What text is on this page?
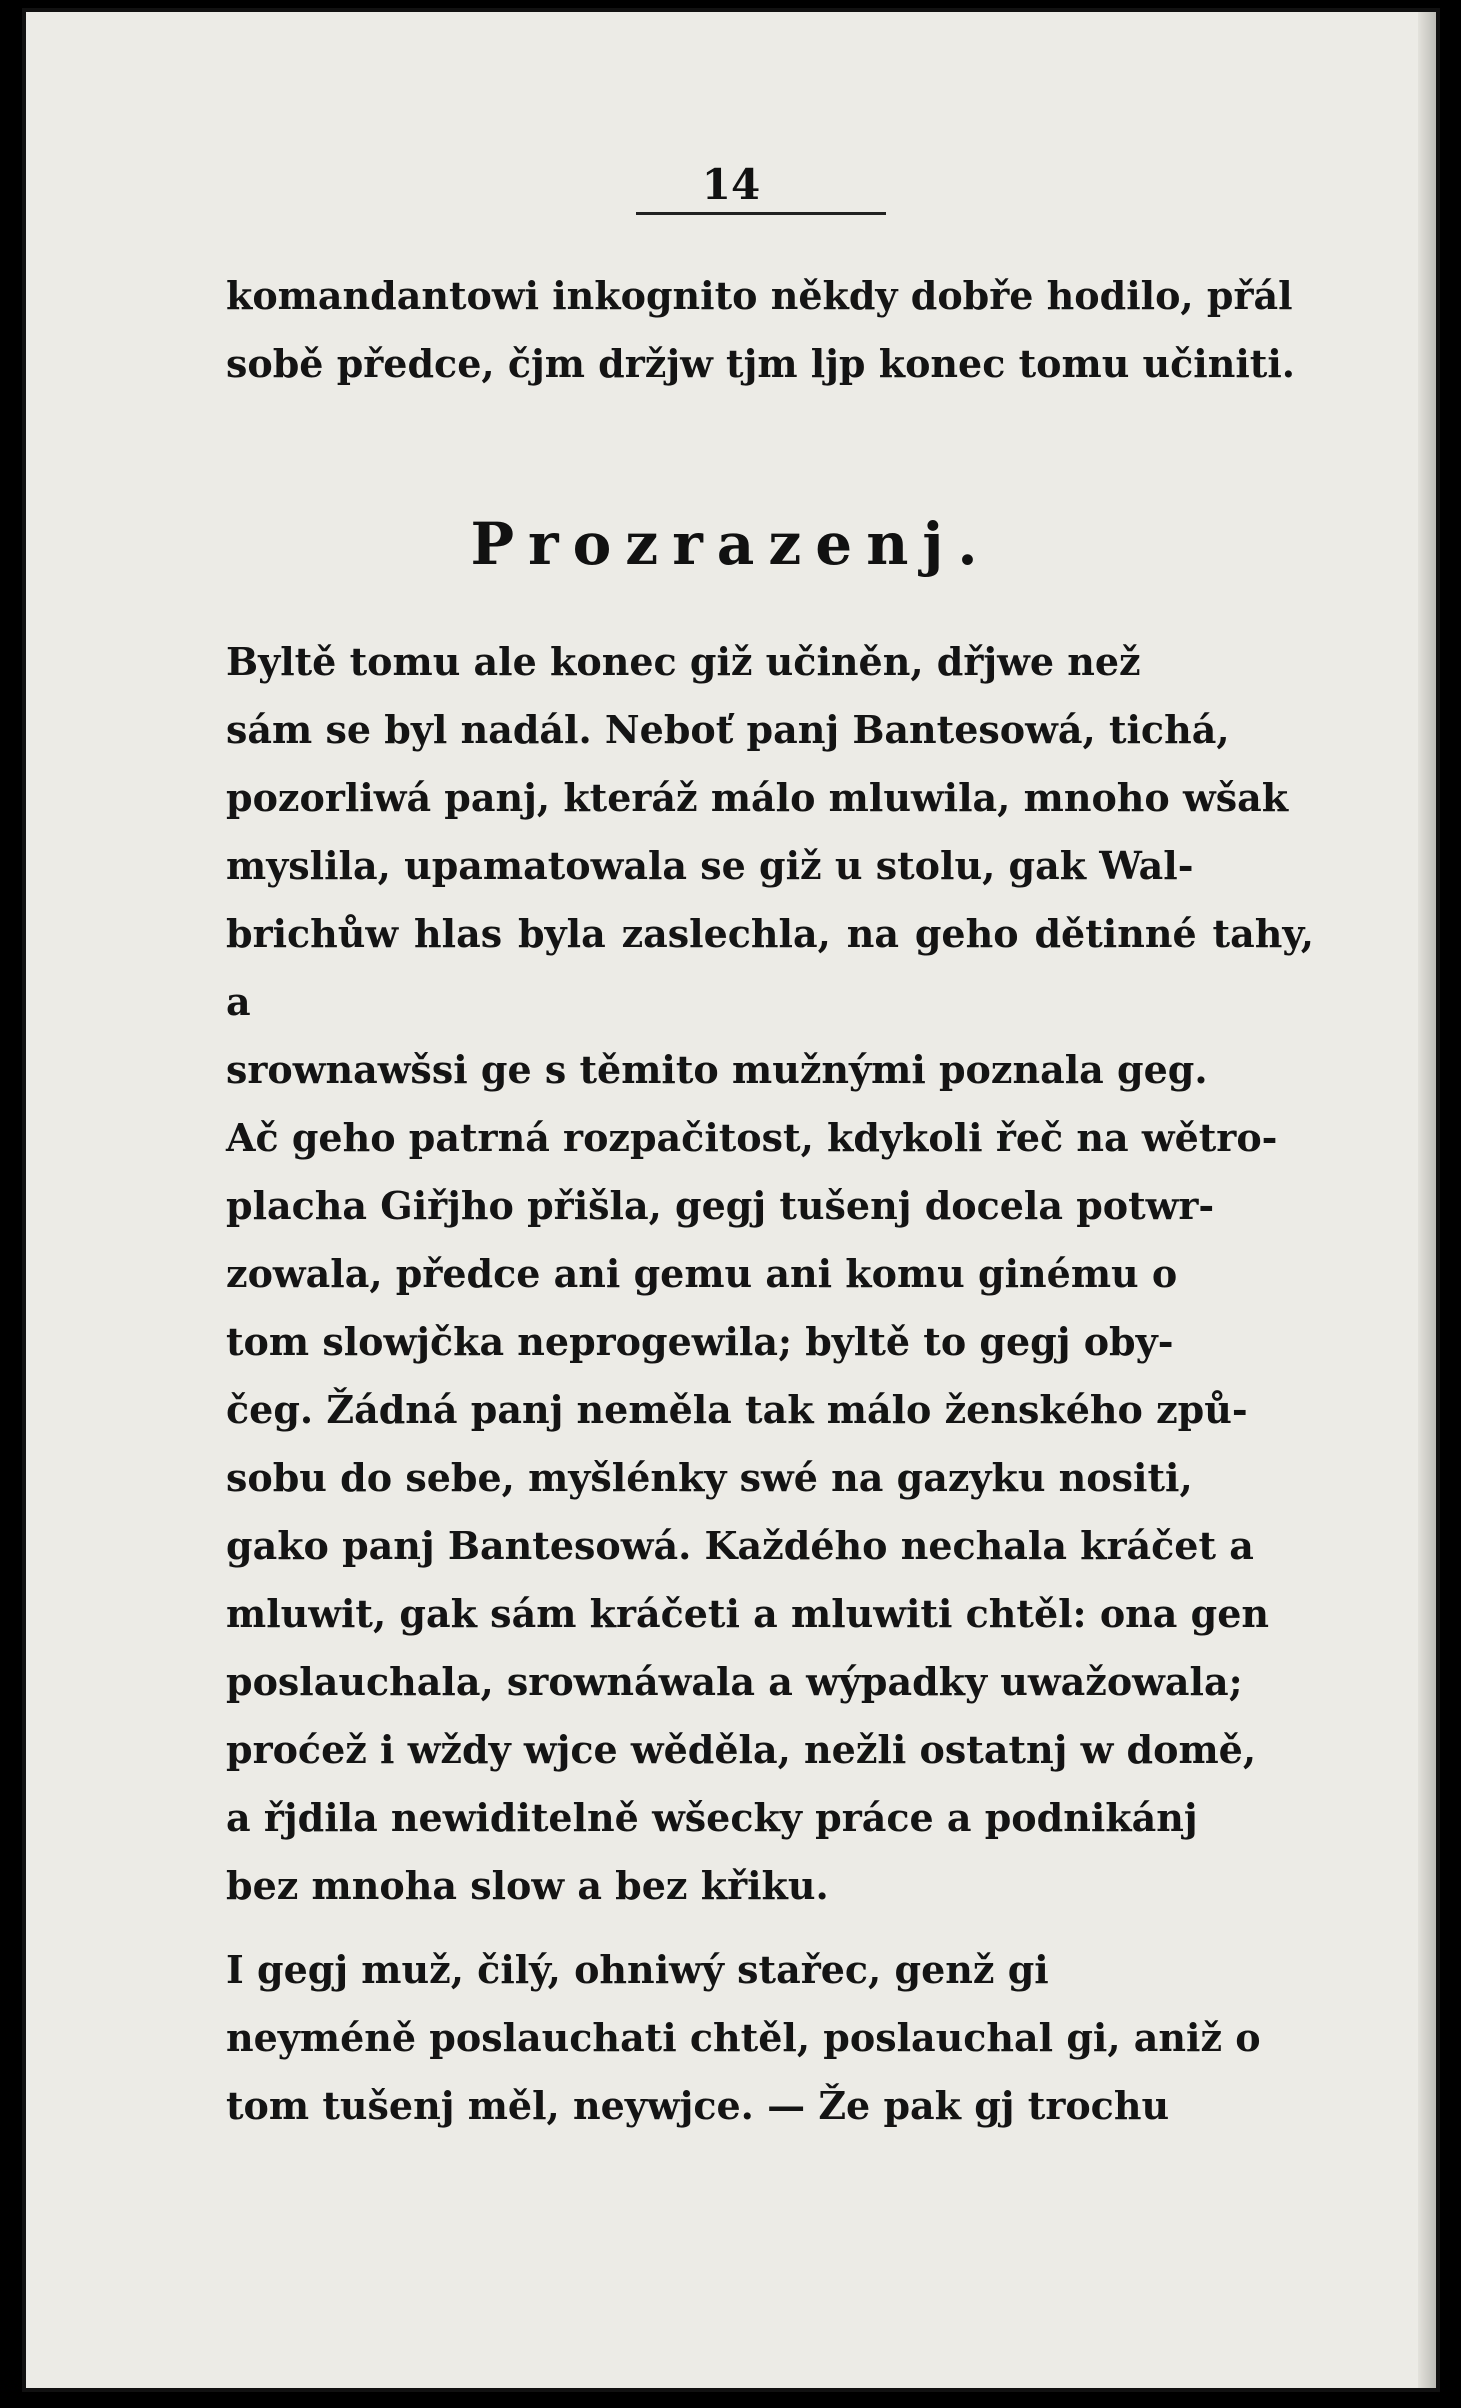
14

komandantowi inkognito někdy dobře hodilo, přál
sobě předce, čjm držjw tjm ljp konec tomu učiniti.

Prozrazenj.

Byltě tomu ale konec giž učiněn, dřjwe než
sám se byl nadál. Neboť panj Bantesowá, tichá,
pozorliwá panj, kteráž málo mluwila, mnoho wšak
myslila, upamatowala se giž u stolu, gak Wal-
brichůw hlas byla zaslechla, na geho dětinné tahy, a
srownawšsi ge s těmito mužnými poznala geg.
Ač geho patrná rozpačitost, kdykoli řeč na wětro-
placha Giřjho přišla, gegj tušenj docela potwr-
zowala, předce ani gemu ani komu ginému o
tom slowjčka neprogewila; byltě to gegj oby-
čeg. Žádná panj neměla tak málo ženského způ-
sobu do sebe, myšlénky swé na gazyku nositi,
gako panj Bantesowá. Každého nechala kráčet a
mluwit, gak sám kráčeti a mluwiti chtěl: ona gen
poslauchala, srownáwala a wýpadky uwažowala;
proćež i wždy wjce wěděla, nežli ostatnj w domě,
a řjdila newiditelně wšecky práce a podnikánj
bez mnoha slow a bez křiku.

I gegj muž, čilý, ohniwý stařec, genž gi
neyméně poslauchati chtěl, poslauchal gi, aniž o
tom tušenj měl, neywjce. — Že pak gj trochu
